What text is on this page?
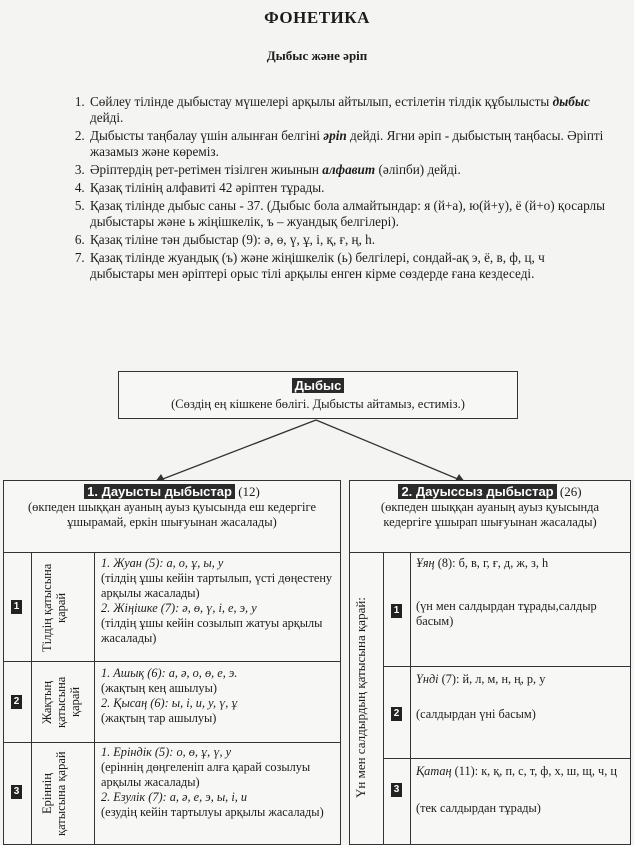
ФОНЕТИКА
Дыбыс және әріп
1. Сөйлеу тілінде дыбыстау мүшелері арқылы айтылып, естілетін тілдік құбылысты дыбыс дейді.
2. Дыбысты таңбалау үшін алынған белгіні әріп дейді. Ягни әріп - дыбыстың таңбасы. Әріпті жазамыз және көреміз.
3. Әріптердің рет-ретімен тізілген жиынын алфавит (әліпби) дейді.
4. Қазақ тілінің алфавиті 42 әріптен тұрады.
5. Қазақ тілінде дыбыс саны - 37. (Дыбыс бола алмайтындар: я (й+а), ю(й+у), ё (й+о) қосарлы дыбыстары және ь жіңішкелік, ъ – жуандық белгілері).
6. Қазақ тіліне тән дыбыстар (9): ә, ө, ү, ұ, і, қ, ғ, ң, һ.
7. Қазақ тілінде жуандық (ъ) және жіңішкелік (ь) белгілері, сондай-ақ э, ё, в, ф, ц, ч дыбыстары мен әріптері орыс тілі арқылы енген кірме сөздерде ғана кездеседі.
Дыбыс
(Сөздің ең кішкене бөлігі. Дыбысты айтамыз, естиміз.)
1. Дауысты дыбыстар (12)
(өкпеден шыққан ауаның ауыз қуысында еш кедергіге ұшырамай, еркін шығуынан жасалады)
1
2
3
Тілдің қатысына қарай
Жақтың қатысына қарай
Еріннің қатысына қарай
1. Жуан (5): а, о, ұ, ы, у
(тілдің ұшы кейін тартылып, үсті дөңестену арқылы жасалады)
2. Жіңішке (7): ә, ө, ү, і, е, э, у
(тілдің ұшы кейін созылып жатуы арқылы жасалады)
1. Ашық (6): а, ә, о, ө, е, э.
(жақтың кең ашылуы)
2. Қысаң (6): ы, і, и, у, ү, ұ
(жақтың тар ашылуы)
1. Еріндік (5): о, ө, ұ, ү, у
(еріннің дөңгеленіп алға қарай созылуы арқылы жасалады)
2. Езулік (7): а, ә, е, э, ы, і, и
(езудің кейін тартылуы арқылы жасалады)
2. Дауыссыз дыбыстар (26)
(өкпеден шыққан ауаның ауыз қуысында кедергіге ұшырап шығуынан жасалады)
Үн мен салдырдың қатысына қарай:	1
2
3
Ұяң (8): б, в, г, ғ, д, ж, з, һ
(үн мен салдырдан тұрады,салдыр басым)
Үнді (7): й, л, м, н, ң, р, у
(салдырдан үні басым)
Қатаң (11): к, қ, п, с, т, ф, х, ш, щ, ч, ц
(тек салдырдан тұрады)
